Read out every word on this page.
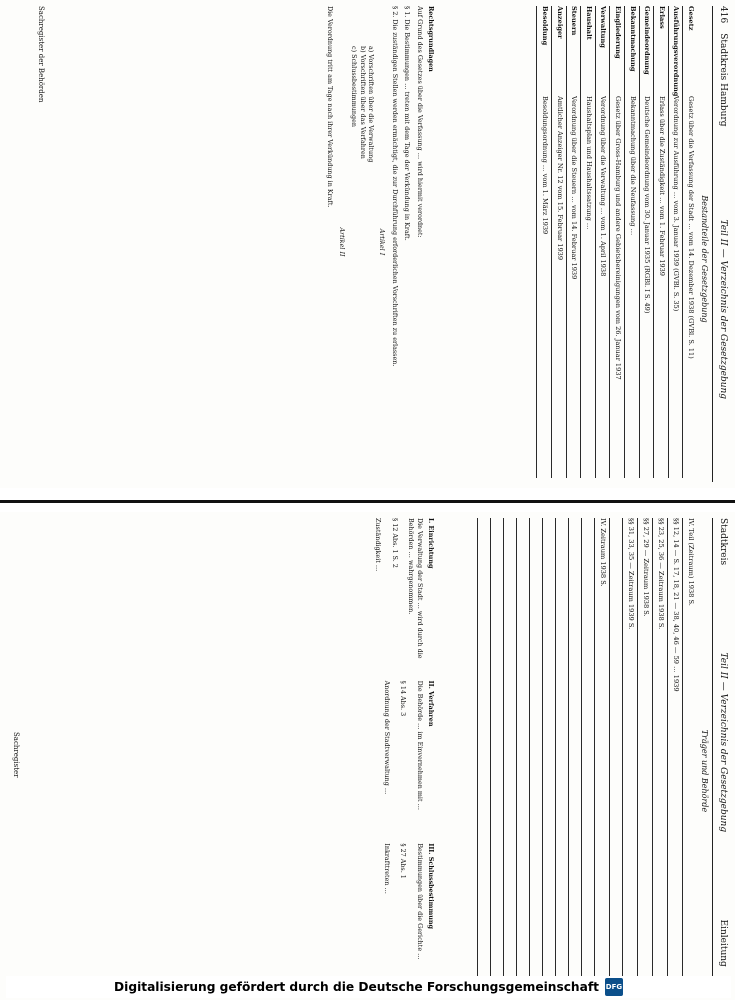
416
Stadtkreis Hamburg
Teil II — Verzeichnis der Gesetzgebung
Bestandteile der Gesetzgebung
Gesetz
Gesetz über die Verfassung der Stadt … vom 14. Dezember 1938 (GVBl. S. 11)
Ausführungsverordnung
Verordnung zur Ausführung … vom 3. Januar 1939 (GVBl. S. 35)
Erlass
Erlass über die Zuständigkeit … vom 1. Februar 1939
Gemeindeordnung
Deutsche Gemeindeordnung vom 30. Januar 1935 (RGBl. I S. 49)
Bekanntmachung
Bekanntmachung über die Neufassung …
Eingliederung
Gesetz über Gross-Hamburg und andere Gebietsbereinigungen vom 26. Januar 1937
Verwaltung
Verordnung über die Verwaltung … vom 1. April 1938
Haushalt
Haushaltsplan und Haushaltssatzung …
Steuern
Verordnung über die Steuern … vom 14. Februar 1939
Anzeiger
Amtlicher Anzeiger Nr. 12 vom 15. Februar 1939
Besoldung
Besoldungsordnung … vom 1. März 1939
Rechtsgrundlagen

Auf Grund des Gesetzes über die Verfassung … wird hiermit verordnet:

§ 1. Die Bestimmungen … treten mit dem Tage der Verkündung in Kraft.

§ 2. Die zuständigen Stellen werden ermächtigt, die zur Durchführung erforderlichen Vorschriften zu erlassen.

Artikel I
a) Vorschriften über die Verwaltung
b) Vorschriften über das Verfahren
c) Schlussbestimmungen
Artikel II

Die Verordnung tritt am Tage nach ihrer Verkündung in Kraft.

Sachregister der Behörden
Stadtkreis
Teil II — Verzeichnis der Gesetzgebung
Einleitung
Träger und Behörde
IV. Teil (Zeitraum) 1938 S.
§§ 12, 14 — S. 17, 18, 21 — 38, 40, 46 — 59 … 1939
§§ 23, 25, 36 — Zeitraum 1938 S.
§§ 27, 29 — Zeitraum 1938 S.
§§ 31, 33, 35 — Zeitraum 1939 S.
IV. Zeitraum 1938 S.
I. Einrichtung
Die Verwaltung der Stadt … wird durch die Behörden … wahrgenommen.
§ 12 Abs. 1 S. 2
Zuständigkeit …
II. Verfahren
Die Behörde … im Einvernehmen mit …
§ 14 Abs. 3
Anordnung der Stadtverwaltung …
III. Schlussbestimmung
Bestimmungen über die Gerichte …
§ 27 Abs. 1
Inkrafttreten …
Sachregister
Digitalisierung gefördert durch die Deutsche Forschungsgemeinschaft DFG
